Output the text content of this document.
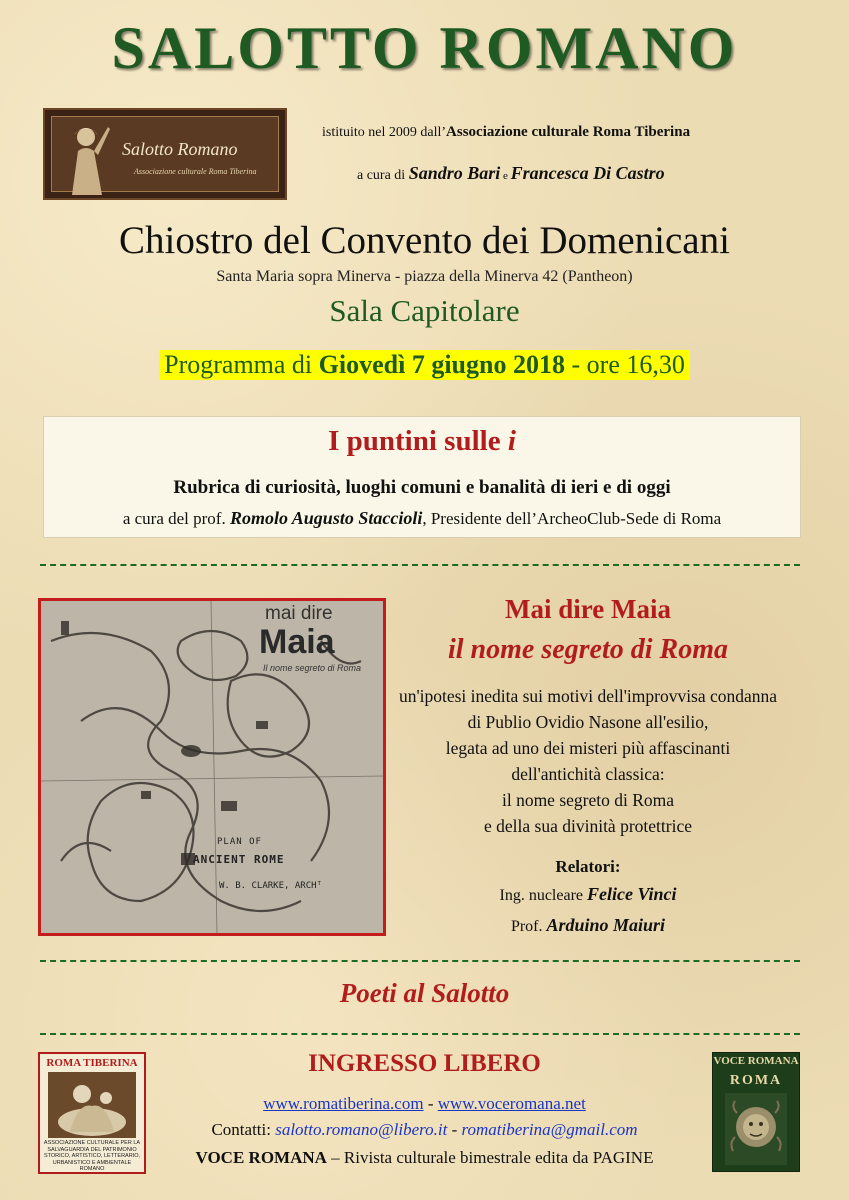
SALOTTO ROMANO
Salotto Romano
Associazione culturale Roma Tiberina
istituito nel 2009 dall’Associazione culturale Roma Tiberina
a cura di Sandro Bari e Francesca Di Castro
Chiostro del Convento dei Domenicani
Santa Maria sopra Minerva - piazza della Minerva 42 (Pantheon)
Sala Capitolare
Programma di Giovedì 7 giugno 2018 - ore 16,30
I puntini sulle i
Rubrica di curiosità, luoghi comuni e banalità di ieri e di oggi
a cura del prof. Romolo Augusto Staccioli, Presidente dell’ArcheoClub-Sede di Roma
mai dire
Maia
Il nome segreto di Roma
PLAN OF
ANCIENT ROME
W. B. CLARKE, ARCHᵀ
Mai dire Maia
il nome segreto di Roma
un'ipotesi inedita sui motivi dell'improvvisa condanna
di Publio Ovidio Nasone all'esilio,
legata ad uno dei misteri più affascinanti
dell'antichità classica:
il nome segreto di Roma
e della sua divinità protettrice
Relatori:
Ing. nucleare Felice Vinci
Prof. Arduino Maiuri
Poeti al Salotto
ROMA TIBERINA
ASSOCIAZIONE CULTURALE PER LA SALVAGUARDIA DEL PATRIMONIO STORICO, ARTISTICO, LETTERARIO, URBANISTICO E AMBIENTALE ROMANO
INGRESSO LIBERO
www.romatiberina.com - www.voceromana.net
Contatti: salotto.romano@libero.it - romatiberina@gmail.com
VOCE ROMANA – Rivista culturale bimestrale edita da PAGINE
VOCE ROMANA
ROMA
